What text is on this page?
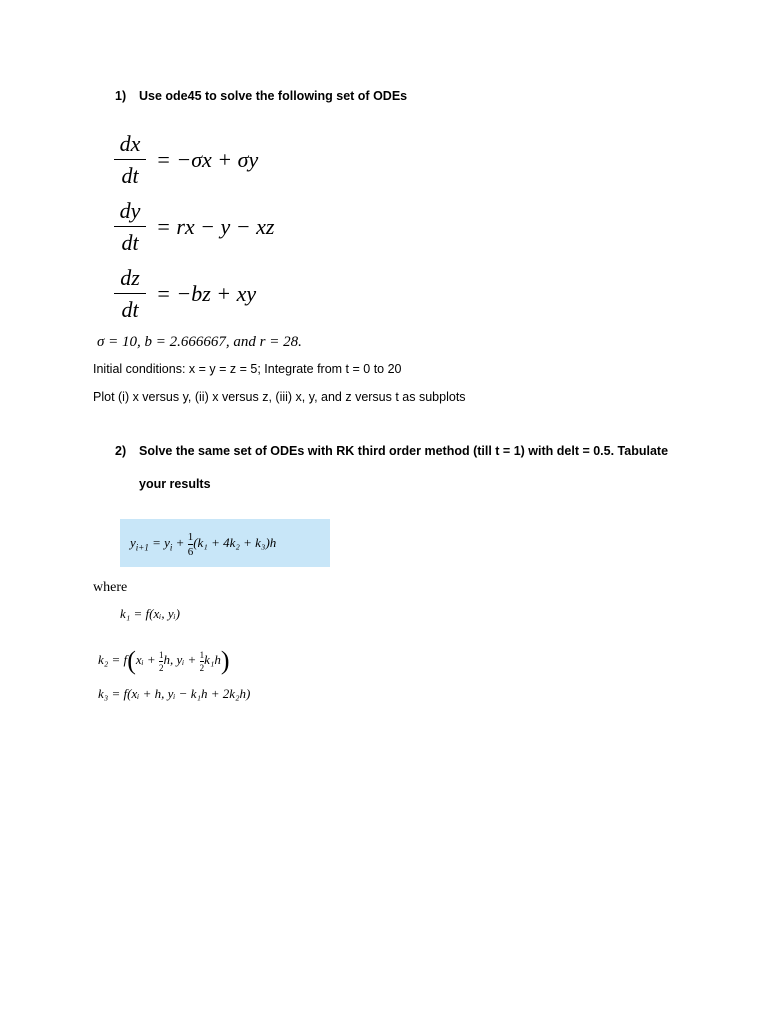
1) Use ode45 to solve the following set of ODEs
dx
dt
= −σx + σy
dy
dt
= rx − y − xz
dz
dt
= −bz + xy
σ = 10, b = 2.666667, and r = 28.
Initial conditions: x = y = z = 5; Integrate from t = 0 to 20
Plot (i) x versus y, (ii) x versus z, (iii) x, y, and z versus t as subplots
2) Solve the same set of ODEs with RK third order method (till t = 1) with delt = 0.5. Tabulate
your results
$y_{i+1} = y_i + \frac{1}{6} (k_1 + 4k_2 + k_3)h$
where
k₁ = f(xᵢ, yᵢ)
k₂ = f(xᵢ + $\frac{1}{2} h$, yᵢ + $\frac{1}{2} k_1h$)
k₃ = f(xᵢ + h, yᵢ − k₁h + 2k₂h)
